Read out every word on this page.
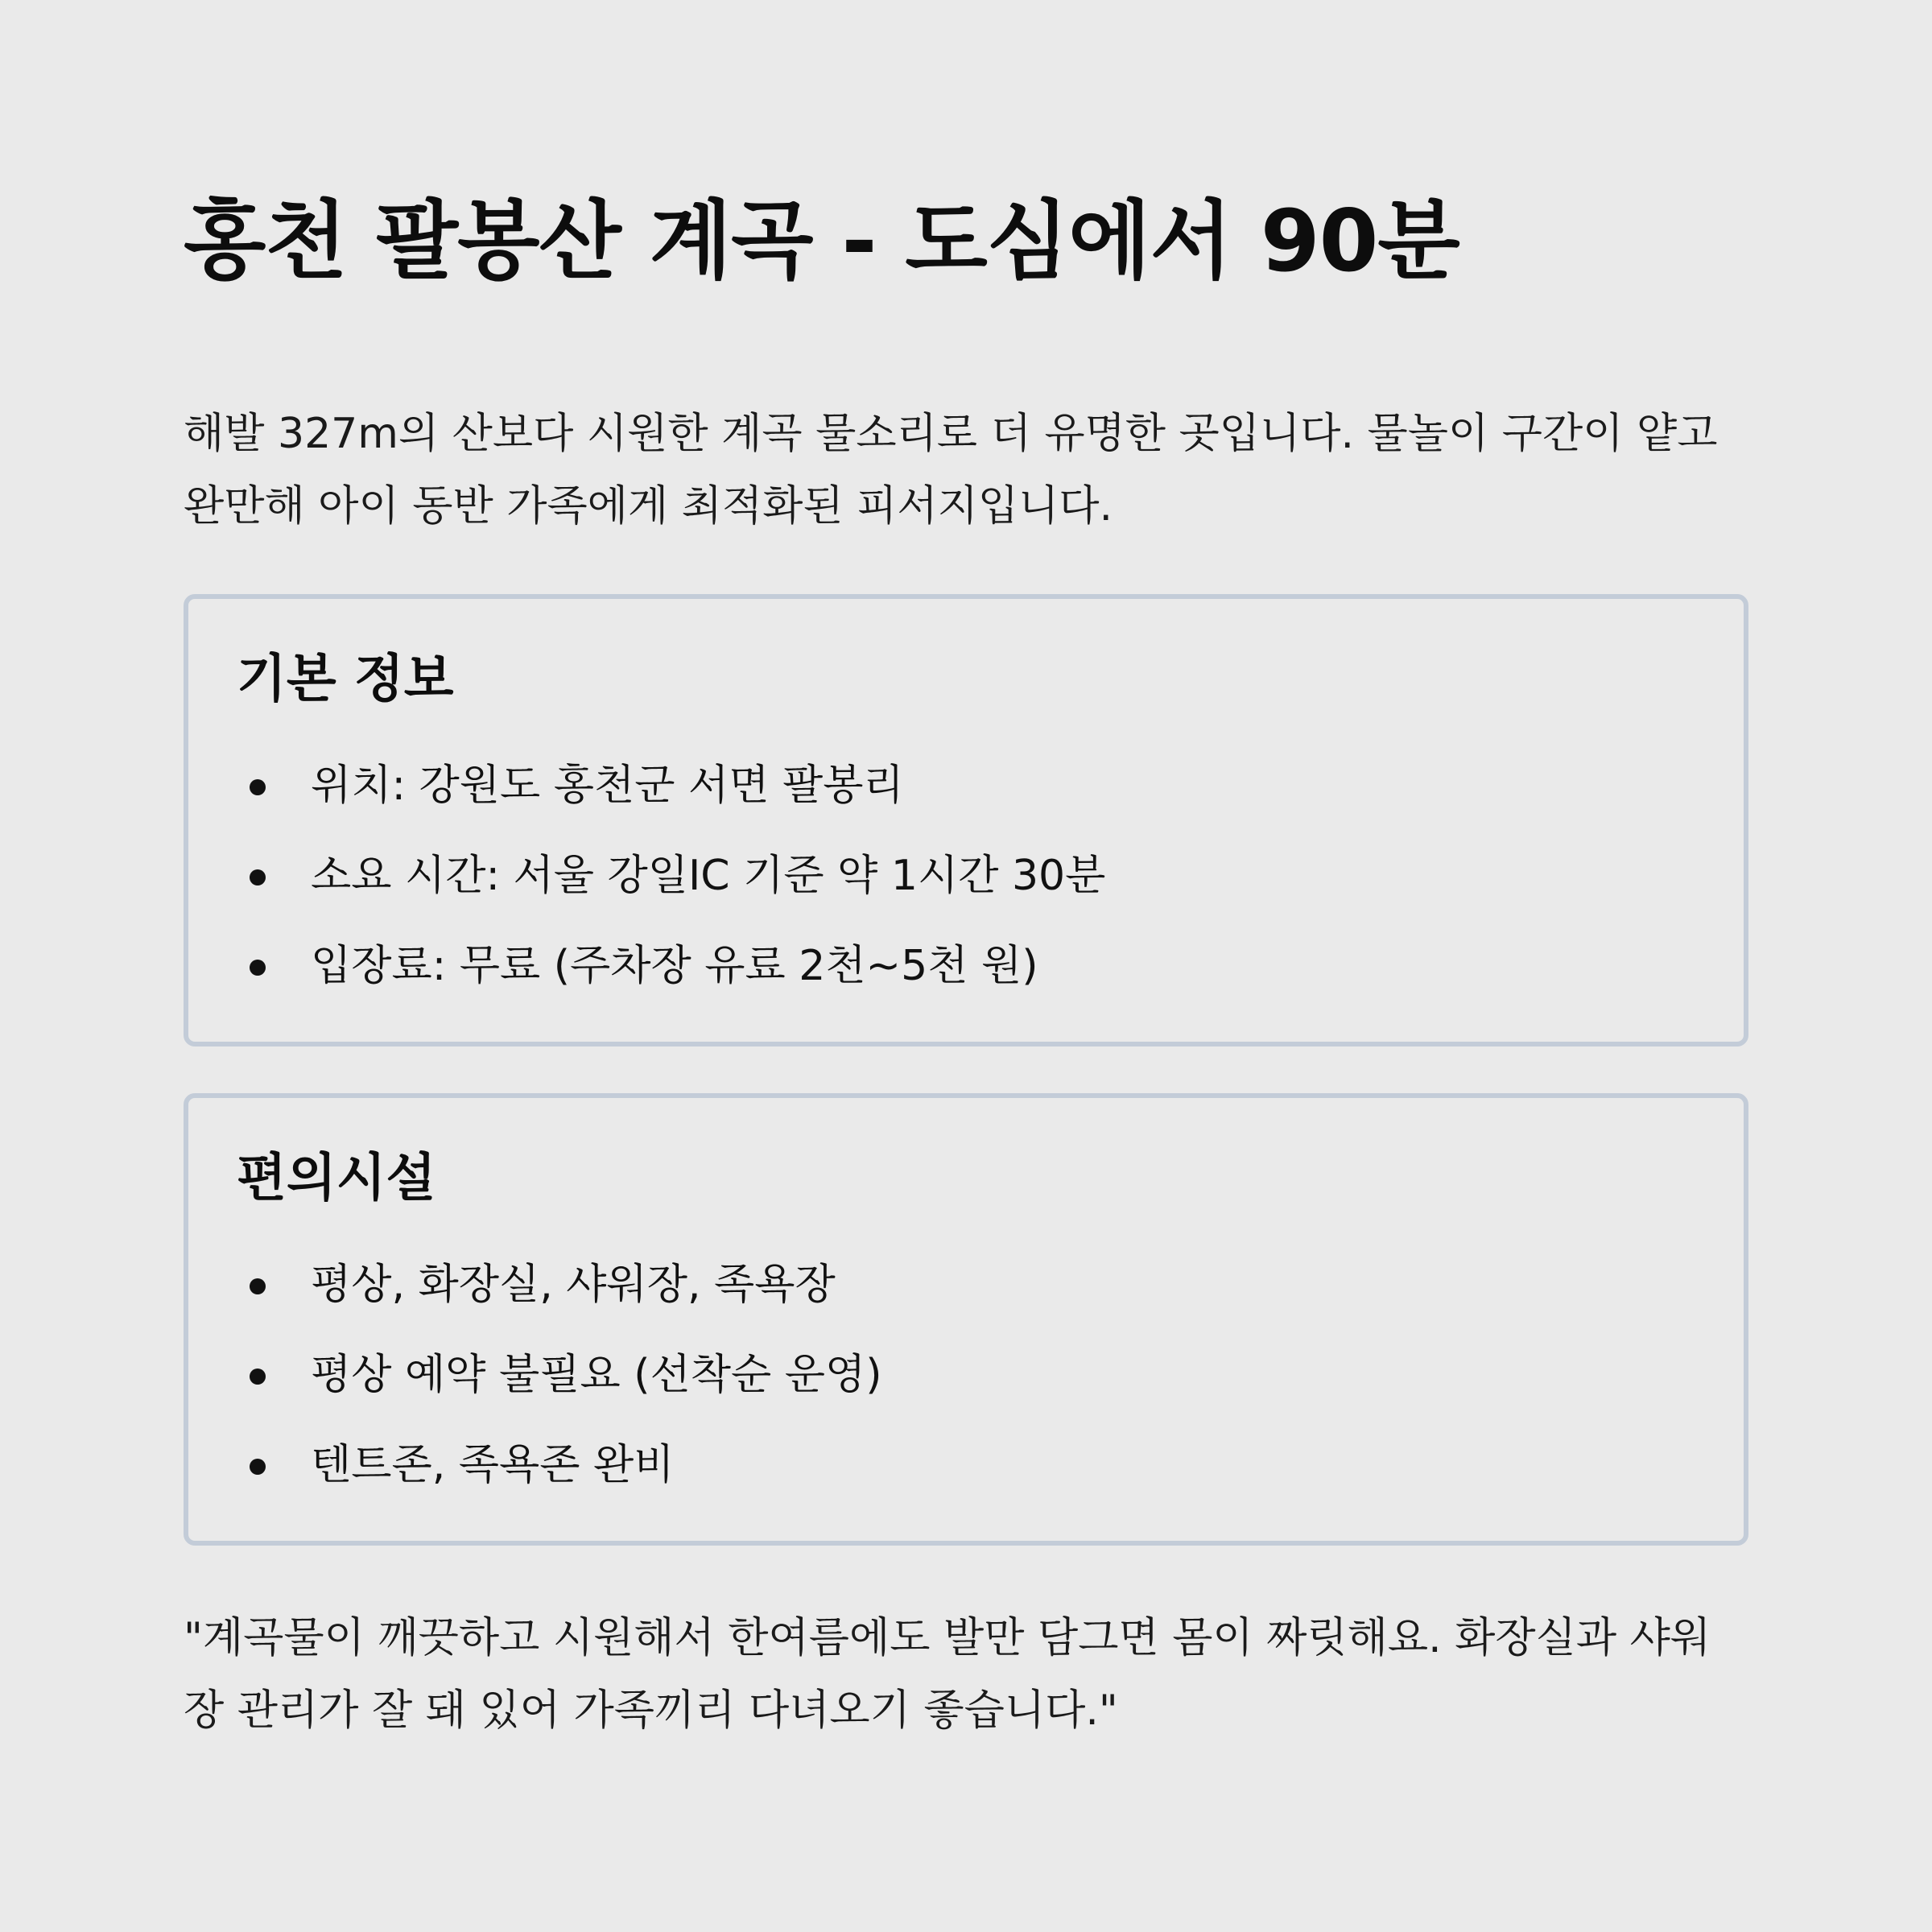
홍천 팔봉산 계곡 - 도심에서 90분

해발 327m의 산보다 시원한 계곡 물소리로 더 유명한 곳입니다. 물놀이 구간이 얕고 완만해 아이 동반 가족에게 최적화된 피서지입니다.

기본 정보
위치: 강원도 홍천군 서면 팔봉리
소요 시간: 서울 강일IC 기준 약 1시간 30분
입장료: 무료 (주차장 유료 2천~5천 원)
편의시설
평상, 화장실, 샤워장, 족욕장
평상 예약 불필요 (선착순 운영)
텐트존, 족욕존 완비

"계곡물이 깨끗하고 시원해서 한여름에도 발만 담그면 몸이 짜릿해요. 화장실과 샤워장 관리가 잘 돼 있어 가족끼리 다녀오기 좋습니다."
